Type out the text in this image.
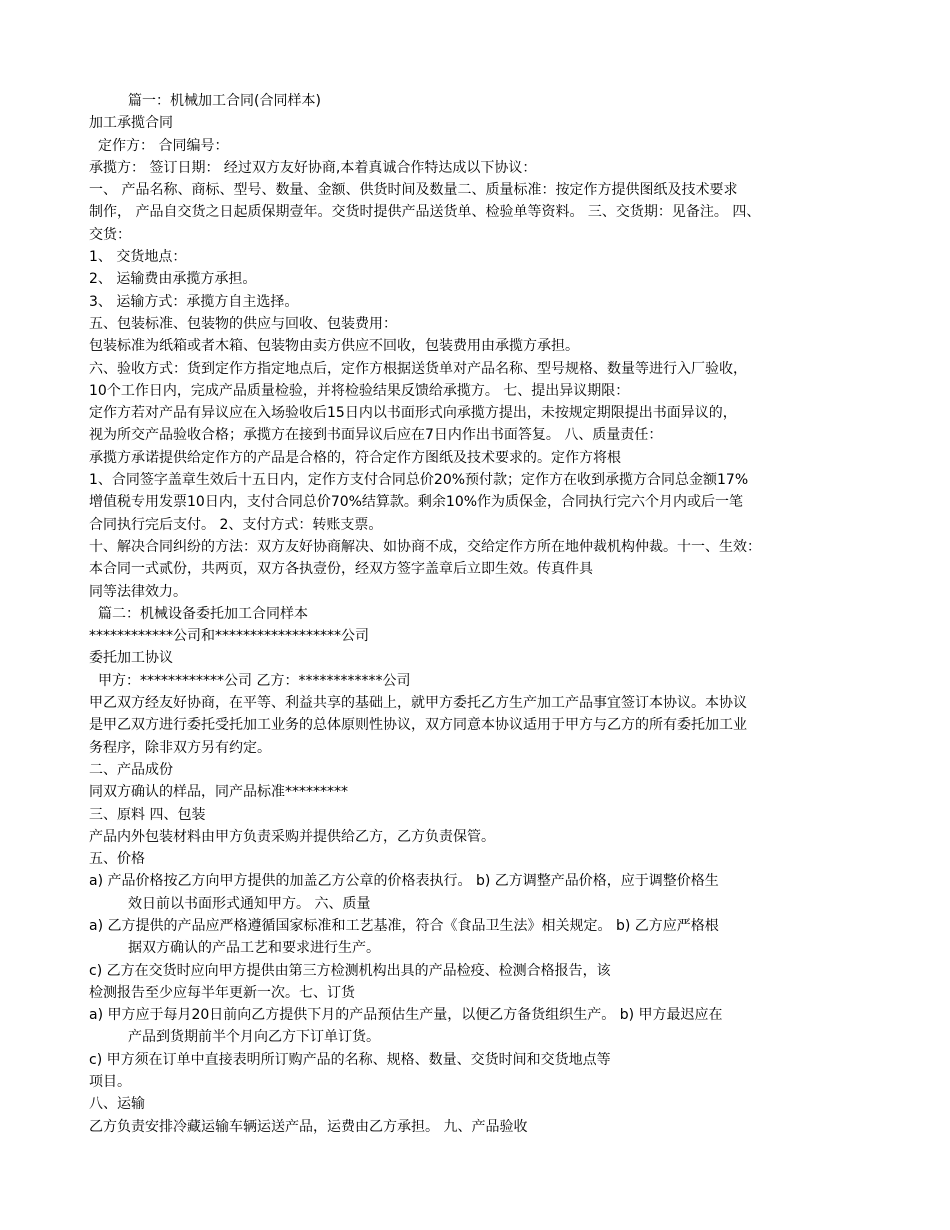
篇一：机械加工合同(合同样本)
加工承揽合同
定作方： 合同编号：
承揽方： 签订日期： 经过双方友好协商,本着真诚合作特达成以下协议：
一、 产品名称、商标、型号、数量、金额、供货时间及数量二、质量标准：按定作方提供图纸及技术要求
制作， 产品自交货之日起质保期壹年。交货时提供产品送货单、检验单等资料。 三、交货期：见备注。 四、
交货：
1、 交货地点：
2、 运输费由承揽方承担。
3、 运输方式：承揽方自主选择。
五、包装标准、包装物的供应与回收、包装费用：
包装标准为纸箱或者木箱、包装物由卖方供应不回收，包装费用由承揽方承担。
六、验收方式：货到定作方指定地点后，定作方根据送货单对产品名称、型号规格、数量等进行入厂验收，
10个工作日内，完成产品质量检验，并将检验结果反馈给承揽方。 七、提出异议期限：
定作方若对产品有异议应在入场验收后15日内以书面形式向承揽方提出，未按规定期限提出书面异议的，
视为所交产品验收合格；承揽方在接到书面异议后应在7日内作出书面答复。 八、质量责任：
承揽方承诺提供给定作方的产品是合格的，符合定作方图纸及技术要求的。定作方将根
1、合同签字盖章生效后十五日内，定作方支付合同总价20%预付款；定作方在收到承揽方合同总金额17%
增值税专用发票10日内，支付合同总价70%结算款。剩余10%作为质保金，合同执行完六个月内或后一笔
合同执行完后支付。 2、支付方式：转账支票。
十、解决合同纠纷的方法：双方友好协商解决、如协商不成，交给定作方所在地仲裁机构仲裁。十一、生效：
本合同一式贰份，共两页，双方各执壹份，经双方签字盖章后立即生效。传真件具
同等法律效力。
篇二：机械设备委托加工合同样本
************公司和******************公司
委托加工协议
甲方：************公司 乙方：************公司
甲乙双方经友好协商，在平等、利益共享的基础上，就甲方委托乙方生产加工产品事宜签订本协议。本协议
是甲乙双方进行委托受托加工业务的总体原则性协议，双方同意本协议适用于甲方与乙方的所有委托加工业
务程序，除非双方另有约定。
二、产品成份
同双方确认的样品，同产品标准*********
三、原料 四、包装
产品内外包装材料由甲方负责采购并提供给乙方，乙方负责保管。
五、价格
a) 产品价格按乙方向甲方提供的加盖乙方公章的价格表执行。 b) 乙方调整产品价格，应于调整价格生
效日前以书面形式通知甲方。 六、质量
a) 乙方提供的产品应严格遵循国家标准和工艺基准，符合《食品卫生法》相关规定。 b) 乙方应严格根
据双方确认的产品工艺和要求进行生产。
c) 乙方在交货时应向甲方提供由第三方检测机构出具的产品检疫、检测合格报告，该
检测报告至少应每半年更新一次。七、订货
a) 甲方应于每月20日前向乙方提供下月的产品预估生产量，以便乙方备货组织生产。 b) 甲方最迟应在
产品到货期前半个月向乙方下订单订货。
c) 甲方须在订单中直接表明所订购产品的名称、规格、数量、交货时间和交货地点等
项目。
八、运输
乙方负责安排冷藏运输车辆运送产品，运费由乙方承担。 九、产品验收
